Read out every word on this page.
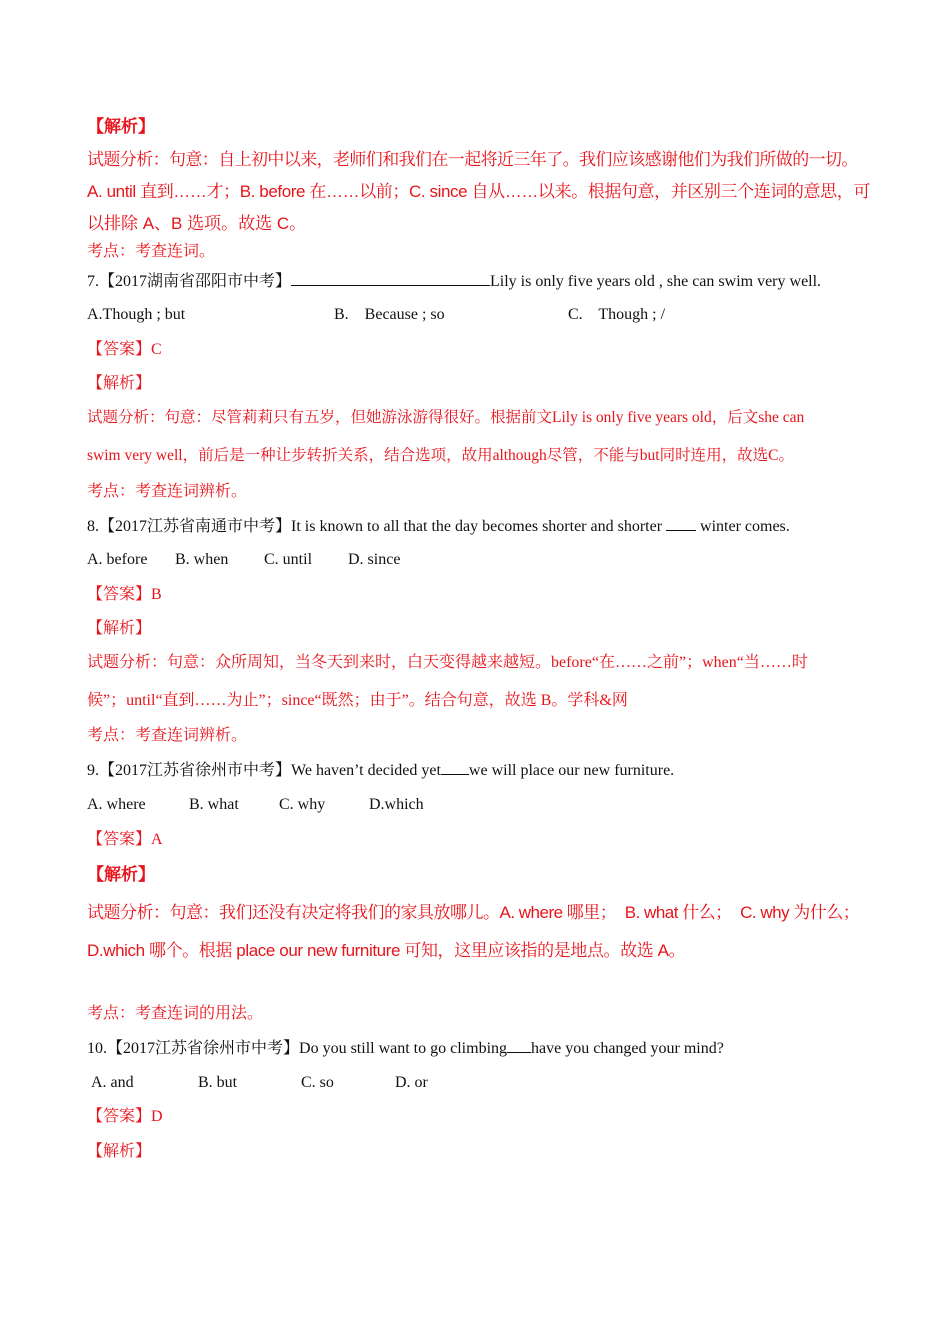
【解析】
试题分析：句意：自上初中以来，老师们和我们在一起将近三年了。我们应该感谢他们为我们所做的一切。
A. until 直到……才；B. before 在……以前；C. since 自从……以来。根据句意，并区别三个连词的意思，可
以排除 A、B 选项。故选 C。
考点：考查连词。
7.【2017湖南省邵阳市中考】	Lily is only five years old , she can swim very well.
A.Though ; but	B.    Because ; so	C.    Though ; /
【答案】C
【解析】
试题分析：句意：尽管莉莉只有五岁，但她游泳游得很好。根据前文Lily is only five years old，后文she can
swim very well，前后是一种让步转折关系，结合选项，故用although尽管，不能与but同时连用，故选C。
考点：考查连词辨析。
8.【2017江苏省南通市中考】It is known to all that the day becomes shorter and shorter  winter comes.
A. before B. when C. until D. since
【答案】B
【解析】
试题分析：句意：众所周知，当冬天到来时，白天变得越来越短。before“在……之前”；when“当……时
候”；until“直到……为止”；since“既然；由于”。结合句意，故选 B。学科&网
考点：考查连词辨析。
9.【2017江苏省徐州市中考】We haven’t decided yet we will place our new furniture.
A. where	B. what	C. why	D.which
【答案】A
【解析】
试题分析：句意：我们还没有决定将我们的家具放哪儿。A. where 哪里；  B. what 什么；  C. why 为什么；
D.which 哪个。根据 place our new furniture 可知，这里应该指的是地点。故选 A。
考点：考查连词的用法。
10.【2017江苏省徐州市中考】Do you still want to go climbing have you changed your mind?
A. and	B. but	C. so	D. or
【答案】D
【解析】
